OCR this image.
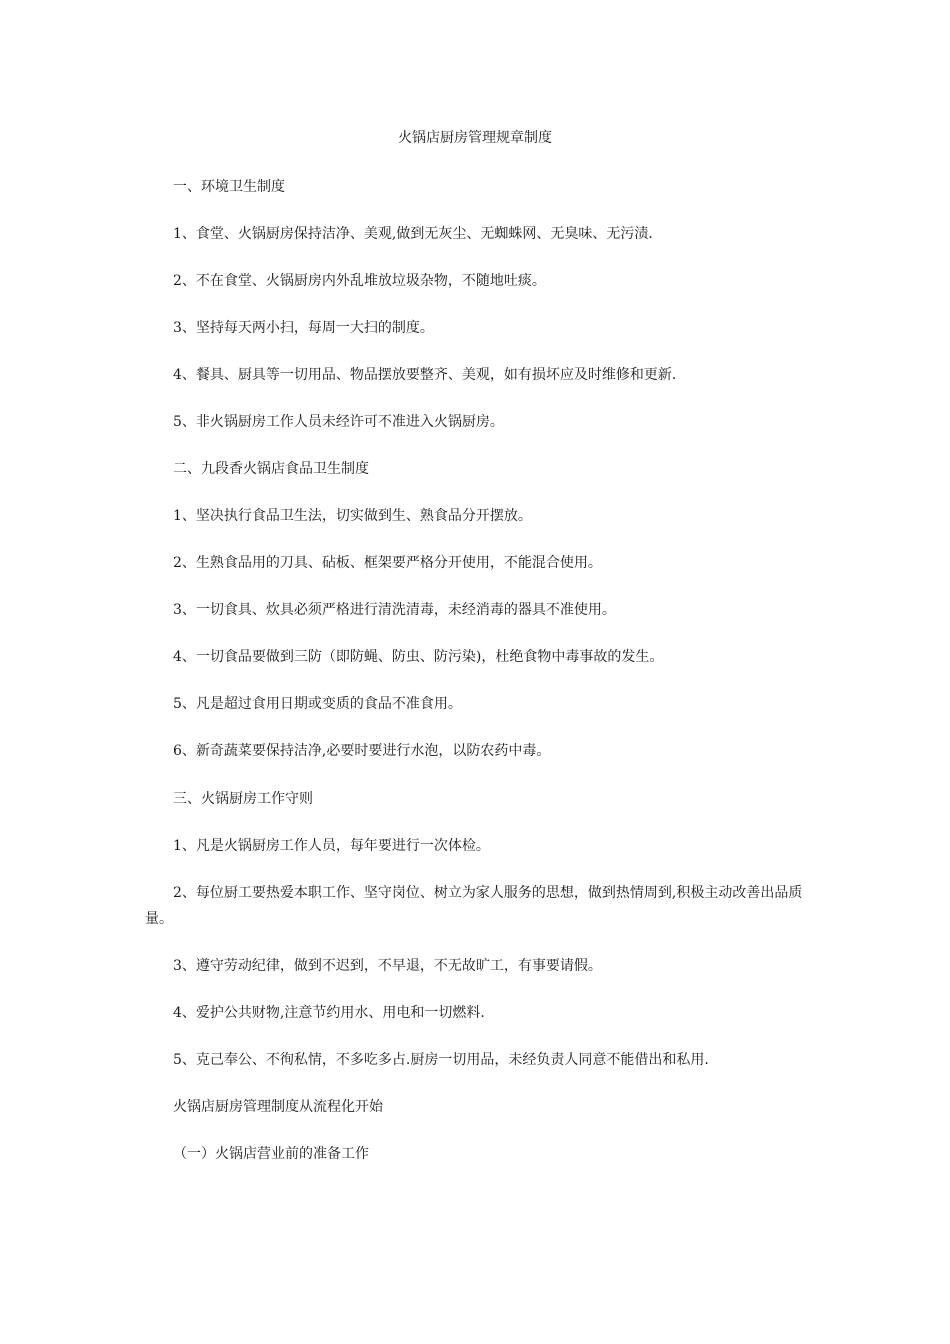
火锅店厨房管理规章制度

一、环境卫生制度

1、食堂、火锅厨房保持洁净、美观,做到无灰尘、无蜘蛛网、无臭味、无污渍.

2、不在食堂、火锅厨房内外乱堆放垃圾杂物，不随地吐痰。

3、坚持每天两小扫，每周一大扫的制度。

4、餐具、厨具等一切用品、物品摆放要整齐、美观，如有损坏应及时维修和更新.

5、非火锅厨房工作人员未经许可不准进入火锅厨房。

二、九段香火锅店食品卫生制度

1、坚决执行食品卫生法，切实做到生、熟食品分开摆放。

2、生熟食品用的刀具、砧板、框架要严格分开使用，不能混合使用。

3、一切食具、炊具必须严格进行清洗清毒，未经消毒的器具不准使用。

4、一切食品要做到三防（即防蝇、防虫、防污染)，杜绝食物中毒事故的发生。

5、凡是超过食用日期或变质的食品不准食用。

6、新奇蔬菜要保持洁净,必要时要进行水泡，以防农药中毒。

三、火锅厨房工作守则

1、凡是火锅厨房工作人员，每年要进行一次体检。

2、每位厨工要热爱本职工作、坚守岗位、树立为家人服务的思想，做到热情周到,积极主动改善出品质量。

3、遵守劳动纪律，做到不迟到，不早退，不无故旷工，有事要请假。

4、爱护公共财物,注意节约用水、用电和一切燃料.

5、克己奉公、不徇私情，不多吃多占.厨房一切用品，未经负责人同意不能借出和私用.

火锅店厨房管理制度从流程化开始

（一）火锅店营业前的准备工作
